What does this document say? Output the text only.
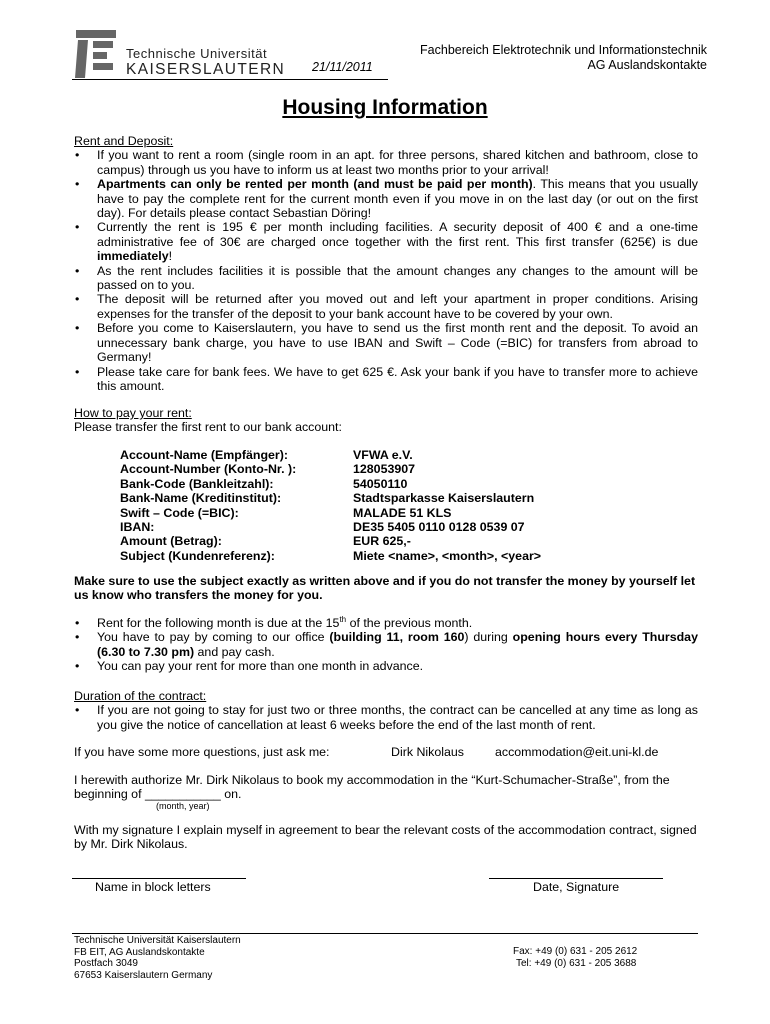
Technische Universität
KAISERSLAUTERN 21/11/2011
Fachbereich Elektrotechnik und Informationstechnik
AG Auslandskontakte
Housing Information
Rent and Deposit:
• If you want to rent a room (single room in an apt. for three persons, shared kitchen and bathroom, close to campus) through us you have to inform us at least two months prior to your arrival!
• Apartments can only be rented per month (and must be paid per month). This means that you usually have to pay the complete rent for the current month even if you move in on the last day (or out on the first day). For details please contact Sebastian Döring!
• Currently the rent is 195 € per month including facilities. A security deposit of 400 € and a one-time administrative fee of 30€ are charged once together with the first rent. This first transfer (625€) is due immediately!
• As the rent includes facilities it is possible that the amount changes any changes to the amount will be passed on to you.
• The deposit will be returned after you moved out and left your apartment in proper conditions. Arising expenses for the transfer of the deposit to your bank account have to be covered by your own.
• Before you come to Kaiserslautern, you have to send us the first month rent and the deposit. To avoid an unnecessary bank charge, you have to use IBAN and Swift – Code (=BIC) for transfers from abroad to Germany!
• Please take care for bank fees. We have to get 625 €. Ask your bank if you have to transfer more to achieve this amount.
How to pay your rent:
Please transfer the first rent to our bank account:
Account-Name (Empfänger):	VFWA e.V.
Account-Number (Konto-Nr. ):	128053907
Bank-Code (Bankleitzahl):	54050110
Bank-Name (Kreditinstitut):	Stadtsparkasse Kaiserslautern
Swift – Code (=BIC):	MALADE 51 KLS
IBAN:	DE35 5405 0110 0128 0539 07
Amount (Betrag):	EUR 625,-
Subject (Kundenreferenz):	Miete <name>, <month>, <year>
Make sure to use the subject exactly as written above and if you do not transfer the money by yourself let us know who transfers the money for you.
• Rent for the following month is due at the 15th of the previous month.
• You have to pay by coming to our office (building 11, room 160) during opening hours every Thursday (6.30 to 7.30 pm) and pay cash.
• You can pay your rent for more than one month in advance.
Duration of the contract:
• If you are not going to stay for just two or three months, the contract can be cancelled at any time as long as you give the notice of cancellation at least 6 weeks before the end of the last month of rent.
If you have some more questions, just ask me:	Dirk Nikolaus	accommodation@eit.uni-kl.de
I herewith authorize Mr. Dirk Nikolaus to book my accommodation in the “Kurt-Schumacher-Straße”, from the
beginning of ___________ on.
(month, year)
With my signature I explain myself in agreement to bear the relevant costs of the accommodation contract, signed by Mr. Dirk Nikolaus.
Name in block letters	Date, Signature
Technische Universität Kaiserslautern
FB EIT, AG Auslandskontakte
Postfach 3049
67653 Kaiserslautern Germany
Fax: +49 (0) 631 - 205 2612
Tel: +49 (0) 631 - 205 3688
